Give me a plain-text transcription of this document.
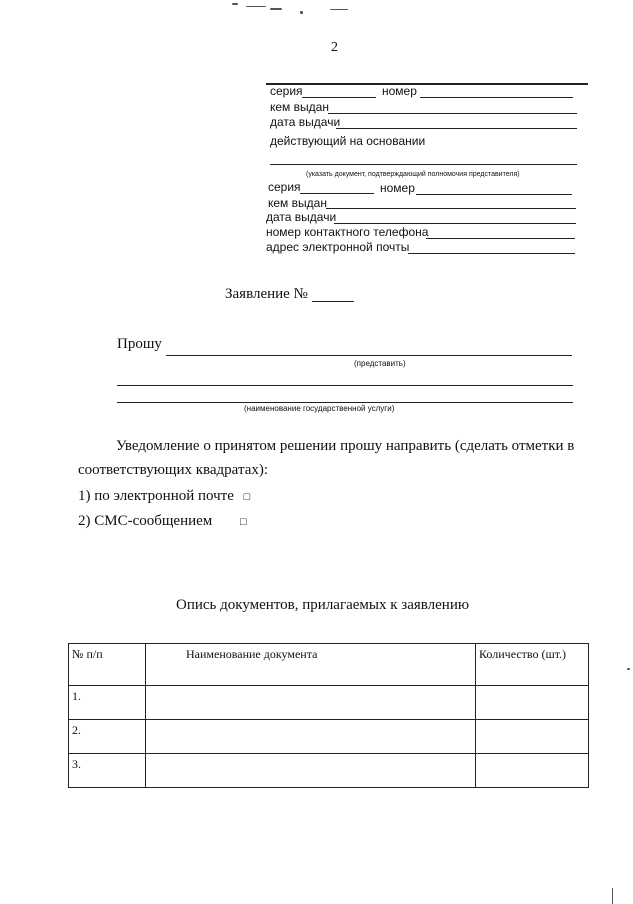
2
серия	номер
кем выдан
дата выдачи
действующий на основании
(указать документ, подтверждающий полномочия представителя)
серия	номер
кем выдан
дата выдачи
номер контактного телефона
адрес электронной почты
Заявление №
Прошу
(представить)
(наименование государственной услуги)
Уведомление о принятом решении прошу направить (сделать отметки в
соответствующих квадратах):
1) по электронной почте □
2) СМС-сообщением	□
Опись документов, прилагаемых к заявлению
№ п/п	Наименование документа	Количество (шт.)
1.		
2.		
3.		
